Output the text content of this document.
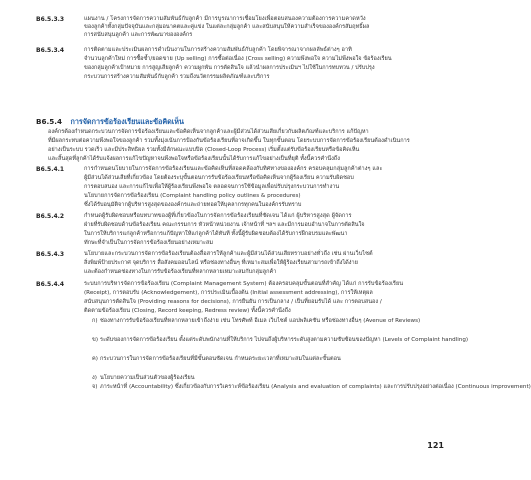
B6.5.3.3	แผนงาน / โครงการจัดการความสัมพันธ์กับลูกค้า มีการบูรณาการเชื่อมโยงเพื่อตอบสนองความต้องการความคาดหวัง
ของลูกค้าทั้งกลุ่มปัจจุบันและกลุ่มอนาคตและคู่แข่ง ในแต่ละกลุ่มลูกค้า และสนับสนุนให้ความสำเร็จขององค์กรสัมฤทธิ์ผล
การสนับสนุนลูกค้า และการพัฒนาขององค์กร
B6.5.3.4	การติดตามและประเมินผลการดำเนินงานในการสร้างความสัมพันธ์กับลูกค้า โดยพิจารณาจากผลลัพธ์ต่างๆ อาทิ
จำนวนลูกค้าใหม่ การซื้อซ้ำ/ยอดขาย (Up selling) การซื้อต่อเนื่อง (Cross selling) ความพึงพอใจ ความไม่พึงพอใจ ข้อร้องเรียน
ของกลุ่มลูกค้าเป้าหมาย การสูญเสียลูกค้า ความผูกพัน การตัดสินใจ แล้วนำผลการประเมินฯ ไปใช้ในการทบทวน / ปรับปรุง
กระบวนการสร้างความสัมพันธ์กับลูกค้า รวมถึงนวัตกรรมผลิตภัณฑ์และบริการ
B6.5.4 การจัดการข้อร้องเรียนและข้อคิดเห็น
องค์กรต้องกำหนดกระบวนการจัดการข้อร้องเรียนและข้อคิดเห็นจากลูกค้าและผู้มีส่วนได้ส่วนเสียเกี่ยวกับผลิตภัณฑ์และบริการ แก้ปัญหา
ที่มีผลกระทบต่อความพึงพอใจของลูกค้า รวมทั้งมุ่งเน้นการป้องกันข้อร้องเรียนที่อาจเกิดขึ้น ในทุกขั้นตอน โดยระบบการจัดการข้อร้องเรียนต้องดำเนินการ
อย่างเป็นระบบ รวดเร็ว และมีประสิทธิผล รวมทั้งมีลักษณะแบบปิด (Closed-Loop Process) เริ่มตั้งแต่รับข้อร้องเรียนหรือข้อคิดเห็น
และสิ้นสุดที่ลูกค้าได้รับแจ้งผลการแก้ไขปัญหาจนพึงพอใจหรือข้อร้องเรียนนั้นได้รับการแก้ไขอย่างเป็นที่ยุติ ทั้งนี้ควรคำนึงถึง
B6.5.4.1	การกำหนดนโยบายในการจัดการข้อร้องเรียนและข้อคิดเห็นที่สอดคล้องกับทิศทางขององค์กร ครอบคลุมกลุ่มลูกค้าต่างๆ และ
ผู้มีส่วนได้ส่วนเสียที่เกี่ยวข้อง โดยต้องระบุขั้นตอนการรับข้อร้องเรียนหรือข้อคิดเห็นจากผู้ร้องเรียน ความรับผิดชอบ
การตอบสนอง และการแก้ไขเพื่อให้ผู้ร้องเรียนพึงพอใจ ตลอดจนการใช้ข้อมูลเพื่อปรับปรุงกระบวนการทำงาน
นโยบายการจัดการข้อร้องเรียน (Complaint handling policy outlines & procedures)
ซึ่งได้รับอนุมัติจากผู้บริหารสูงสุดขององค์กรและถ่ายทอดให้บุคลากรทุกคนในองค์กรรับทราบ
B6.5.4.2	กำหนดผู้รับผิดชอบหรือบทบาทของผู้ที่เกี่ยวข้องในการจัดการข้อร้องเรียนที่ชัดเจน ได้แก่ ผู้บริหารสูงสุด ผู้จัดการ
ฝ่ายที่รับผิดชอบด้านข้อร้องเรียน คณะกรรมการ หัวหน้าหน่วยงาน เจ้าหน้าที่ ฯลฯ และมีการมอบอำนาจในการตัดสินใจ
ในการให้บริการแก่ลูกค้าหรือการแก้ปัญหาให้แก่ลูกค้าได้ทันที ทั้งนี้ผู้รับผิดชอบต้องได้รับการฝึกอบรมและพัฒนา
ทักษะที่จำเป็นในการจัดการข้อร้องเรียนอย่างเหมาะสม
B6.5.4.3	นโยบายและกระบวนการจัดการข้อร้องเรียนต้องสื่อสารให้ลูกค้าและผู้มีส่วนได้ส่วนเสียทราบอย่างทั่วถึง เช่น ผ่านเว็บไซต์
สิ่งพิมพ์ป้ายประกาศ จุดบริการ สื่อสังคมออนไลน์ หรือช่องทางอื่นๆ ที่เหมาะสมเพื่อให้ผู้ร้องเรียนสามารถเข้าถึงได้ง่าย
และต้องกำหนดช่องทางในการรับข้อร้องเรียนที่หลากหลายเหมาะสมกับกลุ่มลูกค้า
B6.5.4.4	ระบบการบริหารจัดการข้อร้องเรียน (Complaint Management System) ต้องครอบคลุมขั้นตอนที่สำคัญ ได้แก่ การรับข้อร้องเรียน
(Receipt), การตอบรับ (Acknowledgement), การประเมินเบื้องต้น (Initial assessment addressing), การให้เหตุผล
สนับสนุนการตัดสินใจ (Providing reasons for decisions), การยืนยัน การเป็นกลาง / เป็นที่ยอมรับได้ และ การตอบสนอง /
ติดตามข้อร้องเรียน (Closing, Record keeping, Redress review) ทั้งนี้ควรคำนึงถึง
ก) ช่องทางการรับข้อร้องเรียนที่หลากหลายเข้าถึงง่าย เช่น โทรศัพท์ อีเมล เว็บไซต์ แอปพลิเคชัน หรือช่องทางอื่นๆ (Avenue of Reviews)
ข) ระดับของการจัดการข้อร้องเรียน ตั้งแต่ระดับพนักงานที่ให้บริการ ไปจนถึงผู้บริหารระดับสูงตามความซับซ้อนของปัญหา (Levels of Complaint handling)
ค) กระบวนการในการจัดการข้อร้องเรียนที่มีขั้นตอนชัดเจน กำหนดระยะเวลาที่เหมาะสมในแต่ละขั้นตอน
ง) นโยบายความเป็นส่วนตัวของผู้ร้องเรียน
จ) ภาระหน้าที่ (Accountability) ซึ่งเกี่ยวข้องกับการวิเคราะห์ข้อร้องเรียน (Analysis and evaluation of complaints) และการปรับปรุงอย่างต่อเนื่อง (Continuous improvement)
121
